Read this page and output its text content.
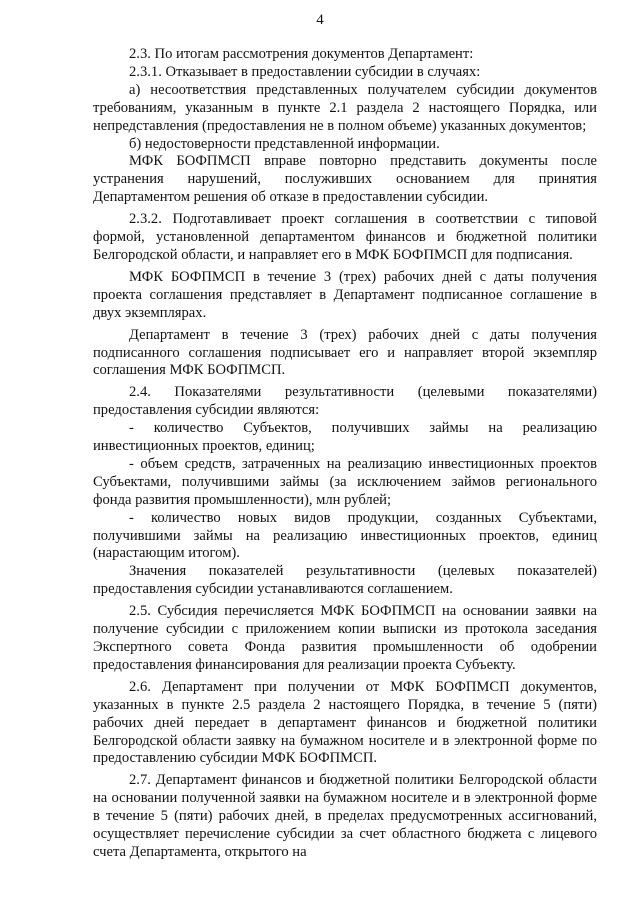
4

2.3. По итогам рассмотрения документов Департамент:

2.3.1. Отказывает в предоставлении субсидии в случаях:

а) несоответствия представленных получателем субсидии документов требованиям, указанным в пункте 2.1 раздела 2 настоящего Порядка, или непредставления (предоставления не в полном объеме) указанных документов;

б) недостоверности представленной информации.

МФК БОФПМСП вправе повторно представить документы после устранения нарушений, послуживших основанием для принятия Департаментом решения об отказе в предоставлении субсидии.

2.3.2. Подготавливает проект соглашения в соответствии с типовой формой, установленной департаментом финансов и бюджетной политики Белгородской области, и направляет его в МФК БОФПМСП для подписания.

МФК БОФПМСП в течение 3 (трех) рабочих дней с даты получения проекта соглашения представляет в Департамент подписанное соглашение в двух экземплярах.

Департамент в течение 3 (трех) рабочих дней с даты получения подписанного соглашения подписывает его и направляет второй экземпляр соглашения МФК БОФПМСП.

2.4. Показателями результативности (целевыми показателями) предоставления субсидии являются:

- количество Субъектов, получивших займы на реализацию инвестиционных проектов, единиц;

- объем средств, затраченных на реализацию инвестиционных проектов Субъектами, получившими займы (за исключением займов регионального фонда развития промышленности), млн рублей;

- количество новых видов продукции, созданных Субъектами, получившими займы на реализацию инвестиционных проектов, единиц (нарастающим итогом).

Значения показателей результативности (целевых показателей) предоставления субсидии устанавливаются соглашением.

2.5. Субсидия перечисляется МФК БОФПМСП на основании заявки на получение субсидии с приложением копии выписки из протокола заседания Экспертного совета Фонда развития промышленности об одобрении предоставления финансирования для реализации проекта Субъекту.

2.6. Департамент при получении от МФК БОФПМСП документов, указанных в пункте 2.5 раздела 2 настоящего Порядка, в течение 5 (пяти) рабочих дней передает в департамент финансов и бюджетной политики Белгородской области заявку на бумажном носителе и в электронной форме по предоставлению субсидии МФК БОФПМСП.

2.7. Департамент финансов и бюджетной политики Белгородской области на основании полученной заявки на бумажном носителе и в электронной форме в течение 5 (пяти) рабочих дней, в пределах предусмотренных ассигнований, осуществляет перечисление субсидии за счет областного бюджета с лицевого счета Департамента, открытого на
